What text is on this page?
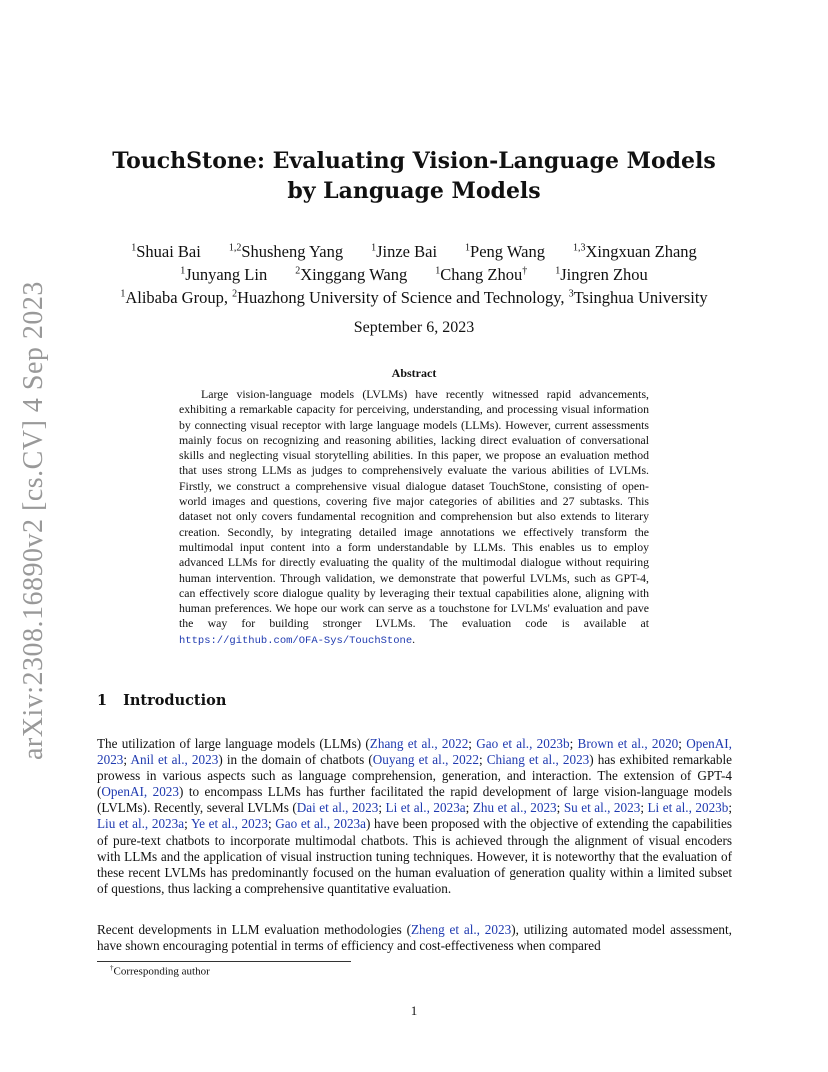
arXiv:2308.16890v2 [cs.CV] 4 Sep 2023
TouchStone: Evaluating Vision-Language Models by Language Models
$^1$Shuai Bai	$^{1,2}$Shusheng Yang	$^1$Jinze Bai	$^1$Peng Wang	$^{1,3}$Xingxuan Zhang
$^1$Junyang Lin	$^2$Xinggang Wang	$^1$Chang Zhou†	$^1$Jingren Zhou
$^1$Alibaba Group, $^2$Huazhong University of Science and Technology, $^3$Tsinghua University
September 6, 2023
Abstract
Large vision-language models (LVLMs) have recently witnessed rapid advancements, exhibiting a remarkable capacity for perceiving, understanding, and processing visual information by connecting visual receptor with large language models (LLMs). However, current assessments mainly focus on recognizing and reasoning abilities, lacking direct evaluation of conversational skills and neglecting visual storytelling abilities. In this paper, we propose an evaluation method that uses strong LLMs as judges to comprehensively evaluate the various abilities of LVLMs. Firstly, we construct a comprehensive visual dialogue dataset TouchStone, consisting of open-world images and questions, covering five major categories of abilities and 27 subtasks. This dataset not only covers fundamental recognition and comprehension but also extends to literary creation. Secondly, by integrating detailed image annotations we effectively transform the multimodal input content into a form understandable by LLMs. This enables us to employ advanced LLMs for directly evaluating the quality of the multimodal dialogue without requiring human intervention. Through validation, we demonstrate that powerful LVLMs, such as GPT-4, can effectively score dialogue quality by leveraging their textual capabilities alone, aligning with human preferences. We hope our work can serve as a touchstone for LVLMs' evaluation and pave the way for building stronger LVLMs. The evaluation code is available at https://github.com/OFA-Sys/TouchStone.
1 Introduction
The utilization of large language models (LLMs) (Zhang et al., 2022; Gao et al., 2023b; Brown et al., 2020; OpenAI, 2023; Anil et al., 2023) in the domain of chatbots (Ouyang et al., 2022; Chiang et al., 2023) has exhibited remarkable prowess in various aspects such as language comprehension, generation, and interaction. The extension of GPT-4 (OpenAI, 2023) to encompass LLMs has further facilitated the rapid development of large vision-language models (LVLMs). Recently, several LVLMs (Dai et al., 2023; Li et al., 2023a; Zhu et al., 2023; Su et al., 2023; Li et al., 2023b; Liu et al., 2023a; Ye et al., 2023; Gao et al., 2023a) have been proposed with the objective of extending the capabilities of pure-text chatbots to incorporate multimodal chatbots. This is achieved through the alignment of visual encoders with LLMs and the application of visual instruction tuning techniques. However, it is noteworthy that the evaluation of these recent LVLMs has predominantly focused on the human evaluation of generation quality within a limited subset of questions, thus lacking a comprehensive quantitative evaluation.
Recent developments in LLM evaluation methodologies (Zheng et al., 2023), utilizing automated model assessment, have shown encouraging potential in terms of efficiency and cost-effectiveness when compared
†Corresponding author
1
